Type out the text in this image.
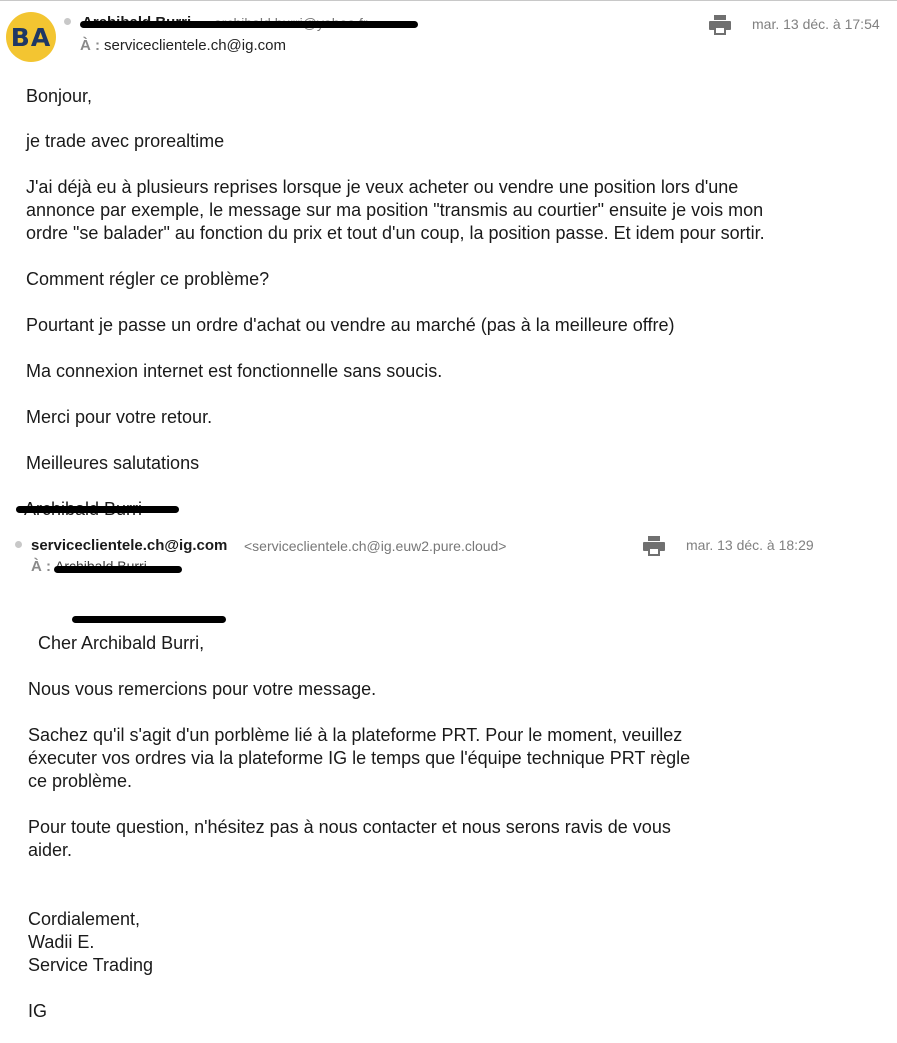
BA	À : serviceclientele.ch@ig.com
mar. 13 déc. à 17:54
Bonjour,
je trade avec prorealtime
J'ai déjà eu à plusieurs reprises lorsque je veux acheter ou vendre une position lors d'une
annonce par exemple, le message sur ma position "transmis au courtier" ensuite je vois mon
ordre "se balader" au fonction du prix et tout d'un coup, la position passe. Et idem pour sortir.
Comment régler ce problème?
Pourtant je passe un ordre d'achat ou vendre au marché (pas à la meilleure offre)
Ma connexion internet est fonctionnelle sans soucis.
Merci pour votre retour.
Meilleures salutations
serviceclientele.ch@ig.com <serviceclientele.ch@ig.euw2.pure.cloud>
À :
mar. 13 déc. à 18:29

Cher Archibald Burri,

Nous vous remercions pour votre message.
Sachez qu'il s'agit d'un porblème lié à la plateforme PRT. Pour le moment, veuillez
éxecuter vos ordres via la plateforme IG le temps que l'équipe technique PRT règle
ce problème.
Pour toute question, n'hésitez pas à nous contacter et nous serons ravis de vous
aider.
Cordialement,
Wadii E.
Service Trading
IG
